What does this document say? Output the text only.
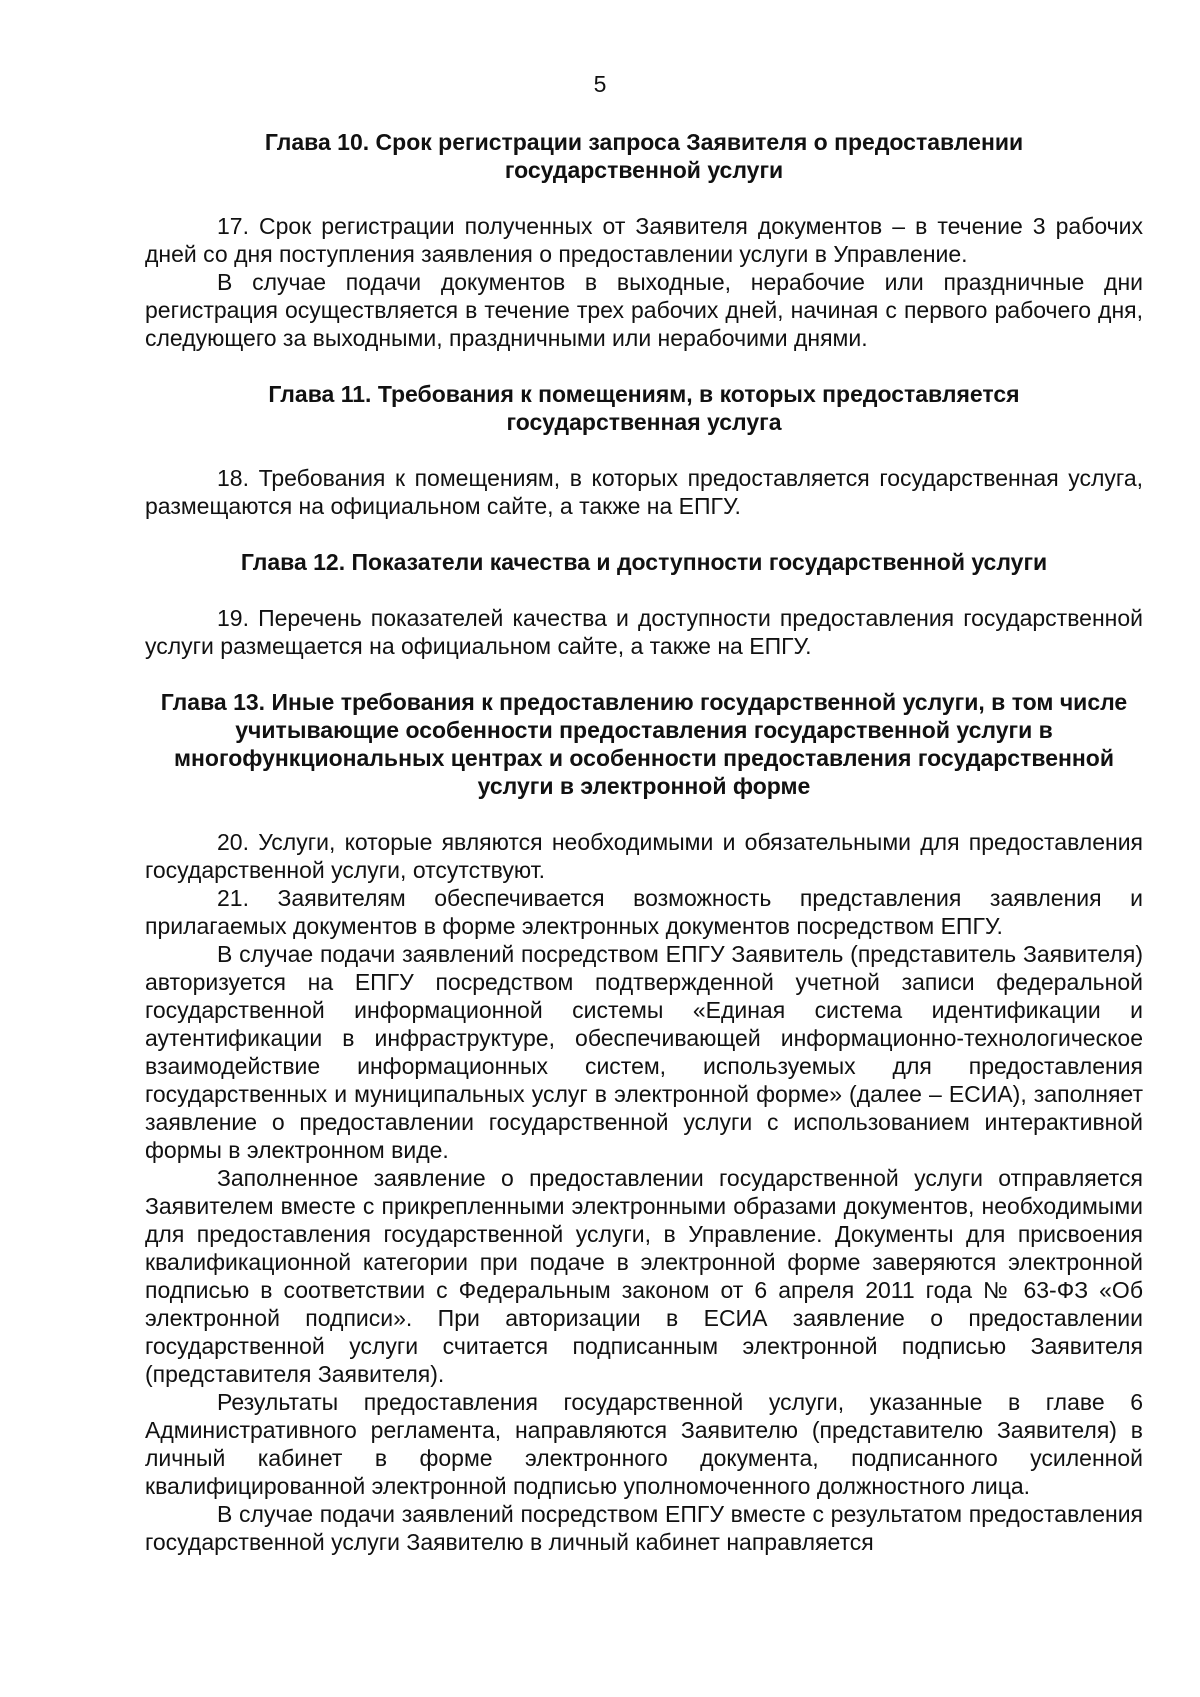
5

Глава 10. Срок регистрации запроса Заявителя о предоставлении государственной услуги

17. Срок регистрации полученных от Заявителя документов – в течение 3 рабочих дней со дня поступления заявления о предоставлении услуги в Управление.

В случае подачи документов в выходные, нерабочие или праздничные дни регистрация осуществляется в течение трех рабочих дней, начиная с первого рабочего дня, следующего за выходными, праздничными или нерабочими днями.

Глава 11. Требования к помещениям, в которых предоставляется государственная услуга

18. Требования к помещениям, в которых предоставляется государственная услуга, размещаются на официальном сайте, а также на ЕПГУ.

Глава 12. Показатели качества и доступности государственной услуги

19. Перечень показателей качества и доступности предоставления государственной услуги размещается на официальном сайте, а также на ЕПГУ.

Глава 13. Иные требования к предоставлению государственной услуги, в том числе учитывающие особенности предоставления государственной услуги в многофункциональных центрах и особенности предоставления государственной услуги в электронной форме

20. Услуги, которые являются необходимыми и обязательными для предоставления государственной услуги, отсутствуют.

21. Заявителям обеспечивается возможность представления заявления и прилагаемых документов в форме электронных документов посредством ЕПГУ.

В случае подачи заявлений посредством ЕПГУ Заявитель (представитель Заявителя) авторизуется на ЕПГУ посредством подтвержденной учетной записи федеральной государственной информационной системы «Единая система идентификации и аутентификации в инфраструктуре, обеспечивающей информационно-технологическое взаимодействие информационных систем, используемых для предоставления государственных и муниципальных услуг в электронной форме» (далее – ЕСИА), заполняет заявление о предоставлении государственной услуги с использованием интерактивной формы в электронном виде.

Заполненное заявление о предоставлении государственной услуги отправляется Заявителем вместе с прикрепленными электронными образами документов, необходимыми для предоставления государственной услуги, в Управление. Документы для присвоения квалификационной категории при подаче в электронной форме заверяются электронной подписью в соответствии с Федеральным законом от 6 апреля 2011 года № 63-ФЗ «Об электронной подписи». При авторизации в ЕСИА заявление о предоставлении государственной услуги считается подписанным электронной подписью Заявителя (представителя Заявителя).

Результаты предоставления государственной услуги, указанные в главе 6 Административного регламента, направляются Заявителю (представителю Заявителя) в личный кабинет в форме электронного документа, подписанного усиленной квалифицированной электронной подписью уполномоченного должностного лица.

В случае подачи заявлений посредством ЕПГУ вместе с результатом предоставления государственной услуги Заявителю в личный кабинет направляется
